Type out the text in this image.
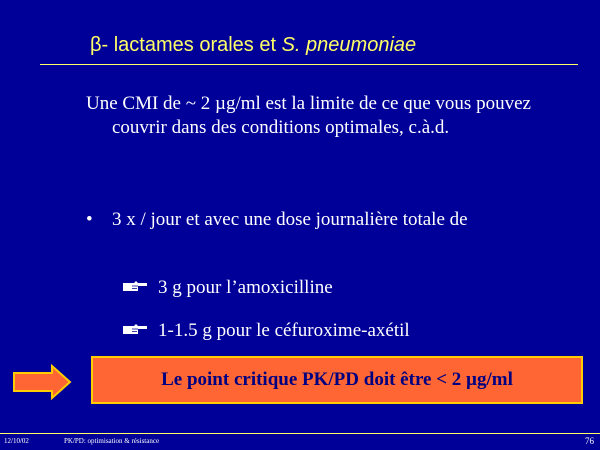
β- lactames orales et S. pneumoniae
Une CMI de ~ 2 µg/ml est la limite de ce que vous pouvez couvrir dans des conditions optimales, c.à.d.
•	3 x / jour et avec une dose journalière totale de
3 g pour l’amoxicilline
1-1.5 g pour le céfuroxime-axétil
Le point critique PK/PD doit être < 2 µg/ml
12/10/02	PK/PD: optimisation & résistance	76
